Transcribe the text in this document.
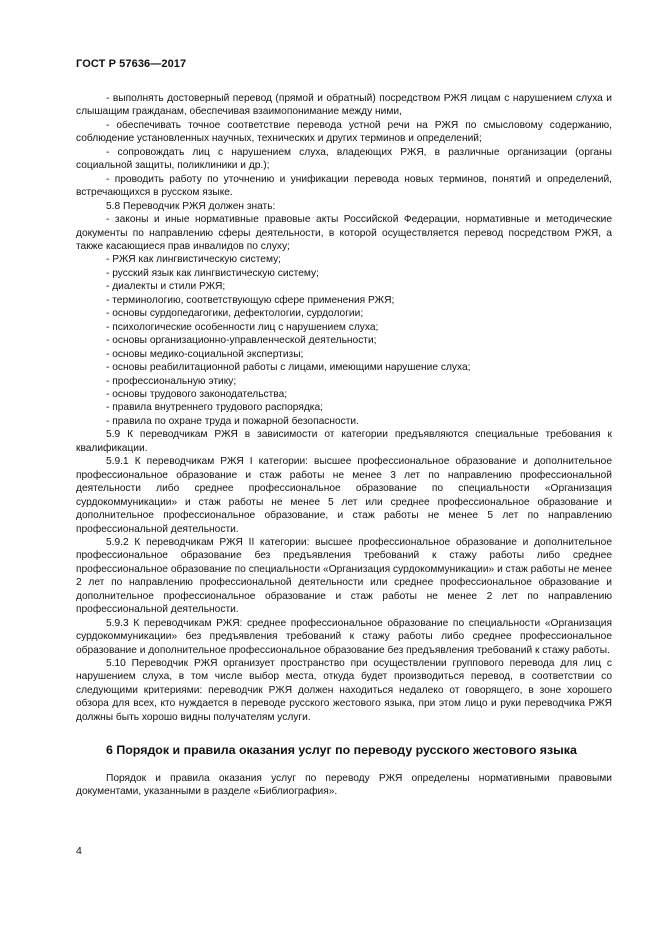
ГОСТ Р 57636—2017

- выполнять достоверный перевод (прямой и обратный) посредством РЖЯ лицам с нарушением слуха и слышащим гражданам, обеспечивая взаимопонимание между ними,

- обеспечивать точное соответствие перевода устной речи на РЖЯ по смысловому содержанию, соблюдение установленных научных, технических и других терминов и определений;

- сопровождать лиц с нарушением слуха, владеющих РЖЯ, в различные организации (органы социальной защиты, поликлиники и др.);

- проводить работу по уточнению и унификации перевода новых терминов, понятий и определений, встречающихся в русском языке.

5.8 Переводчик РЖЯ должен знать:

- законы и иные нормативные правовые акты Российской Федерации, нормативные и методические документы по направлению сферы деятельности, в которой осуществляется перевод посредством РЖЯ, а также касающиеся прав инвалидов по слуху;

- РЖЯ как лингвистическую систему;

- русский язык как лингвистическую систему;

- диалекты и стили РЖЯ;

- терминологию, соответствующую сфере применения РЖЯ;

- основы сурдопедагогики, дефектологии, сурдологии;

- психологические особенности лиц с нарушением слуха;

- основы организационно-управленческой деятельности;

- основы медико-социальной экспертизы;

- основы реабилитационной работы с лицами, имеющими нарушение слуха;

- профессиональную этику;

- основы трудового законодательства;

- правила внутреннего трудового распорядка;

- правила по охране труда и пожарной безопасности.

5.9 К переводчикам РЖЯ в зависимости от категории предъявляются специальные требования к квалификации.

5.9.1 К переводчикам РЖЯ I категории: высшее профессиональное образование и дополнительное профессиональное образование и стаж работы не менее 3 лет по направлению профессиональной деятельности либо среднее профессиональное образование по специальности «Организация сурдокоммуникации» и стаж работы не менее 5 лет или среднее профессиональное образование и дополнительное профессиональное образование, и стаж работы не менее 5 лет по направлению профессиональной деятельности.

5.9.2 К переводчикам РЖЯ II категории: высшее профессиональное образование и дополнительное профессиональное образование без предъявления требований к стажу работы либо среднее профессиональное образование по специальности «Организация сурдокоммуникации» и стаж работы не менее 2 лет по направлению профессиональной деятельности или среднее профессиональное образование и дополнительное профессиональное образование и стаж работы не менее 2 лет по направлению профессиональной деятельности.

5.9.3 К переводчикам РЖЯ: среднее профессиональное образование по специальности «Организация сурдокоммуникации» без предъявления требований к стажу работы либо среднее профессиональное образование и дополнительное профессиональное образование без предъявления требований к стажу работы.

5.10 Переводчик РЖЯ организует пространство при осуществлении группового перевода для лиц с нарушением слуха, в том числе выбор места, откуда будет производиться перевод, в соответствии со следующими критериями: переводчик РЖЯ должен находиться недалеко от говорящего, в зоне хорошего обзора для всех, кто нуждается в переводе русского жестового языка, при этом лицо и руки переводчика РЖЯ должны быть хорошо видны получателям услуги.

6 Порядок и правила оказания услуг по переводу русского жестового языка

Порядок и правила оказания услуг по переводу РЖЯ определены нормативными правовыми документами, указанными в разделе «Библиография».

4
